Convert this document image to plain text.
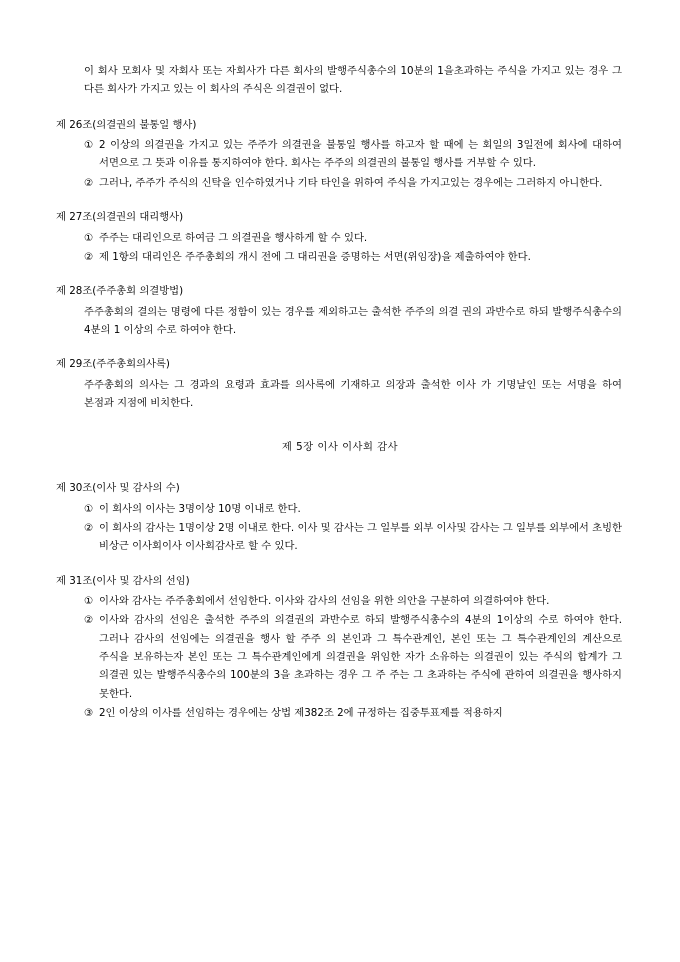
이 회사 모회사 및 자회사 또는 자회사가 다른 회사의 발행주식총수의 10분의 1을초과하는 주식을 가지고 있는 경우 그 다른 회사가 가지고 있는 이 회사의 주식은 의결권이 없다.
제 26조(의결권의 불통일 행사)
① 2 이상의 의결권을 가지고 있는 주주가 의결권을 불통일 행사를 하고자 할 때에 는 회일의 3일전에 회사에 대하여 서면으로 그 뜻과 이유를 통지하여야 한다. 회사는 주주의 의결권의 불통일 행사를 거부할 수 있다.
② 그러나, 주주가 주식의 신탁을 인수하였거나 기타 타인을 위하여 주식을 가지고있는 경우에는 그러하지 아니한다.
제 27조(의결권의 대리행사)
① 주주는 대리인으로 하여금 그 의결권을 행사하게 할 수 있다.
② 제 1항의 대리인은 주주총회의 개시 전에 그 대리권을 증명하는 서면(위임장)을 제출하여야 한다.
제 28조(주주총회 의결방법)
주주총회의 결의는 명령에 다른 정함이 있는 경우를 제외하고는 출석한 주주의 의결 권의 과반수로 하되 발행주식총수의 4분의 1 이상의 수로 하여야 한다.
제 29조(주주총회의사록)
주주총회의 의사는 그 경과의 요령과 효과를 의사록에 기재하고 의장과 출석한 이사 가 기명날인 또는 서명을 하여 본점과 지점에 비치한다.
제 5장 이사 이사회 감사
제 30조(이사 및 감사의 수)
① 이 회사의 이사는 3명이상 10명 이내로 한다.
② 이 회사의 감사는 1명이상 2명 이내로 한다. 이사 및 감사는 그 일부를 외부 이사및 감사는 그 일부를 외부에서 초빙한 비상근 이사회이사 이사회감사로 할 수 있다.
제 31조(이사 및 감사의 선임)
① 이사와 감사는 주주총회에서 선임한다. 이사와 감사의 선임을 위한 의안을 구분하여 의결하여야 한다.
② 이사와 감사의 선임은 출석한 주주의 의결권의 과반수로 하되 발행주식총수의 4분의 1이상의 수로 하여야 한다. 그러나 감사의 선임에는 의결권을 행사 할 주주 의 본인과 그 특수관계인, 본인 또는 그 특수관계인의 계산으로 주식을 보유하는자 본인 또는 그 특수관계인에게 의결권을 위임한 자가 소유하는 의결권이 있는 주식의 합계가 그 의결권 있는 발행주식총수의 100분의 3을 초과하는 경우 그 주 주는 그 초과하는 주식에 관하여 의결권을 행사하지 못한다.
③ 2인 이상의 이사를 선임하는 경우에는 상법 제382조 2에 규정하는 집중투표제를 적용하지
